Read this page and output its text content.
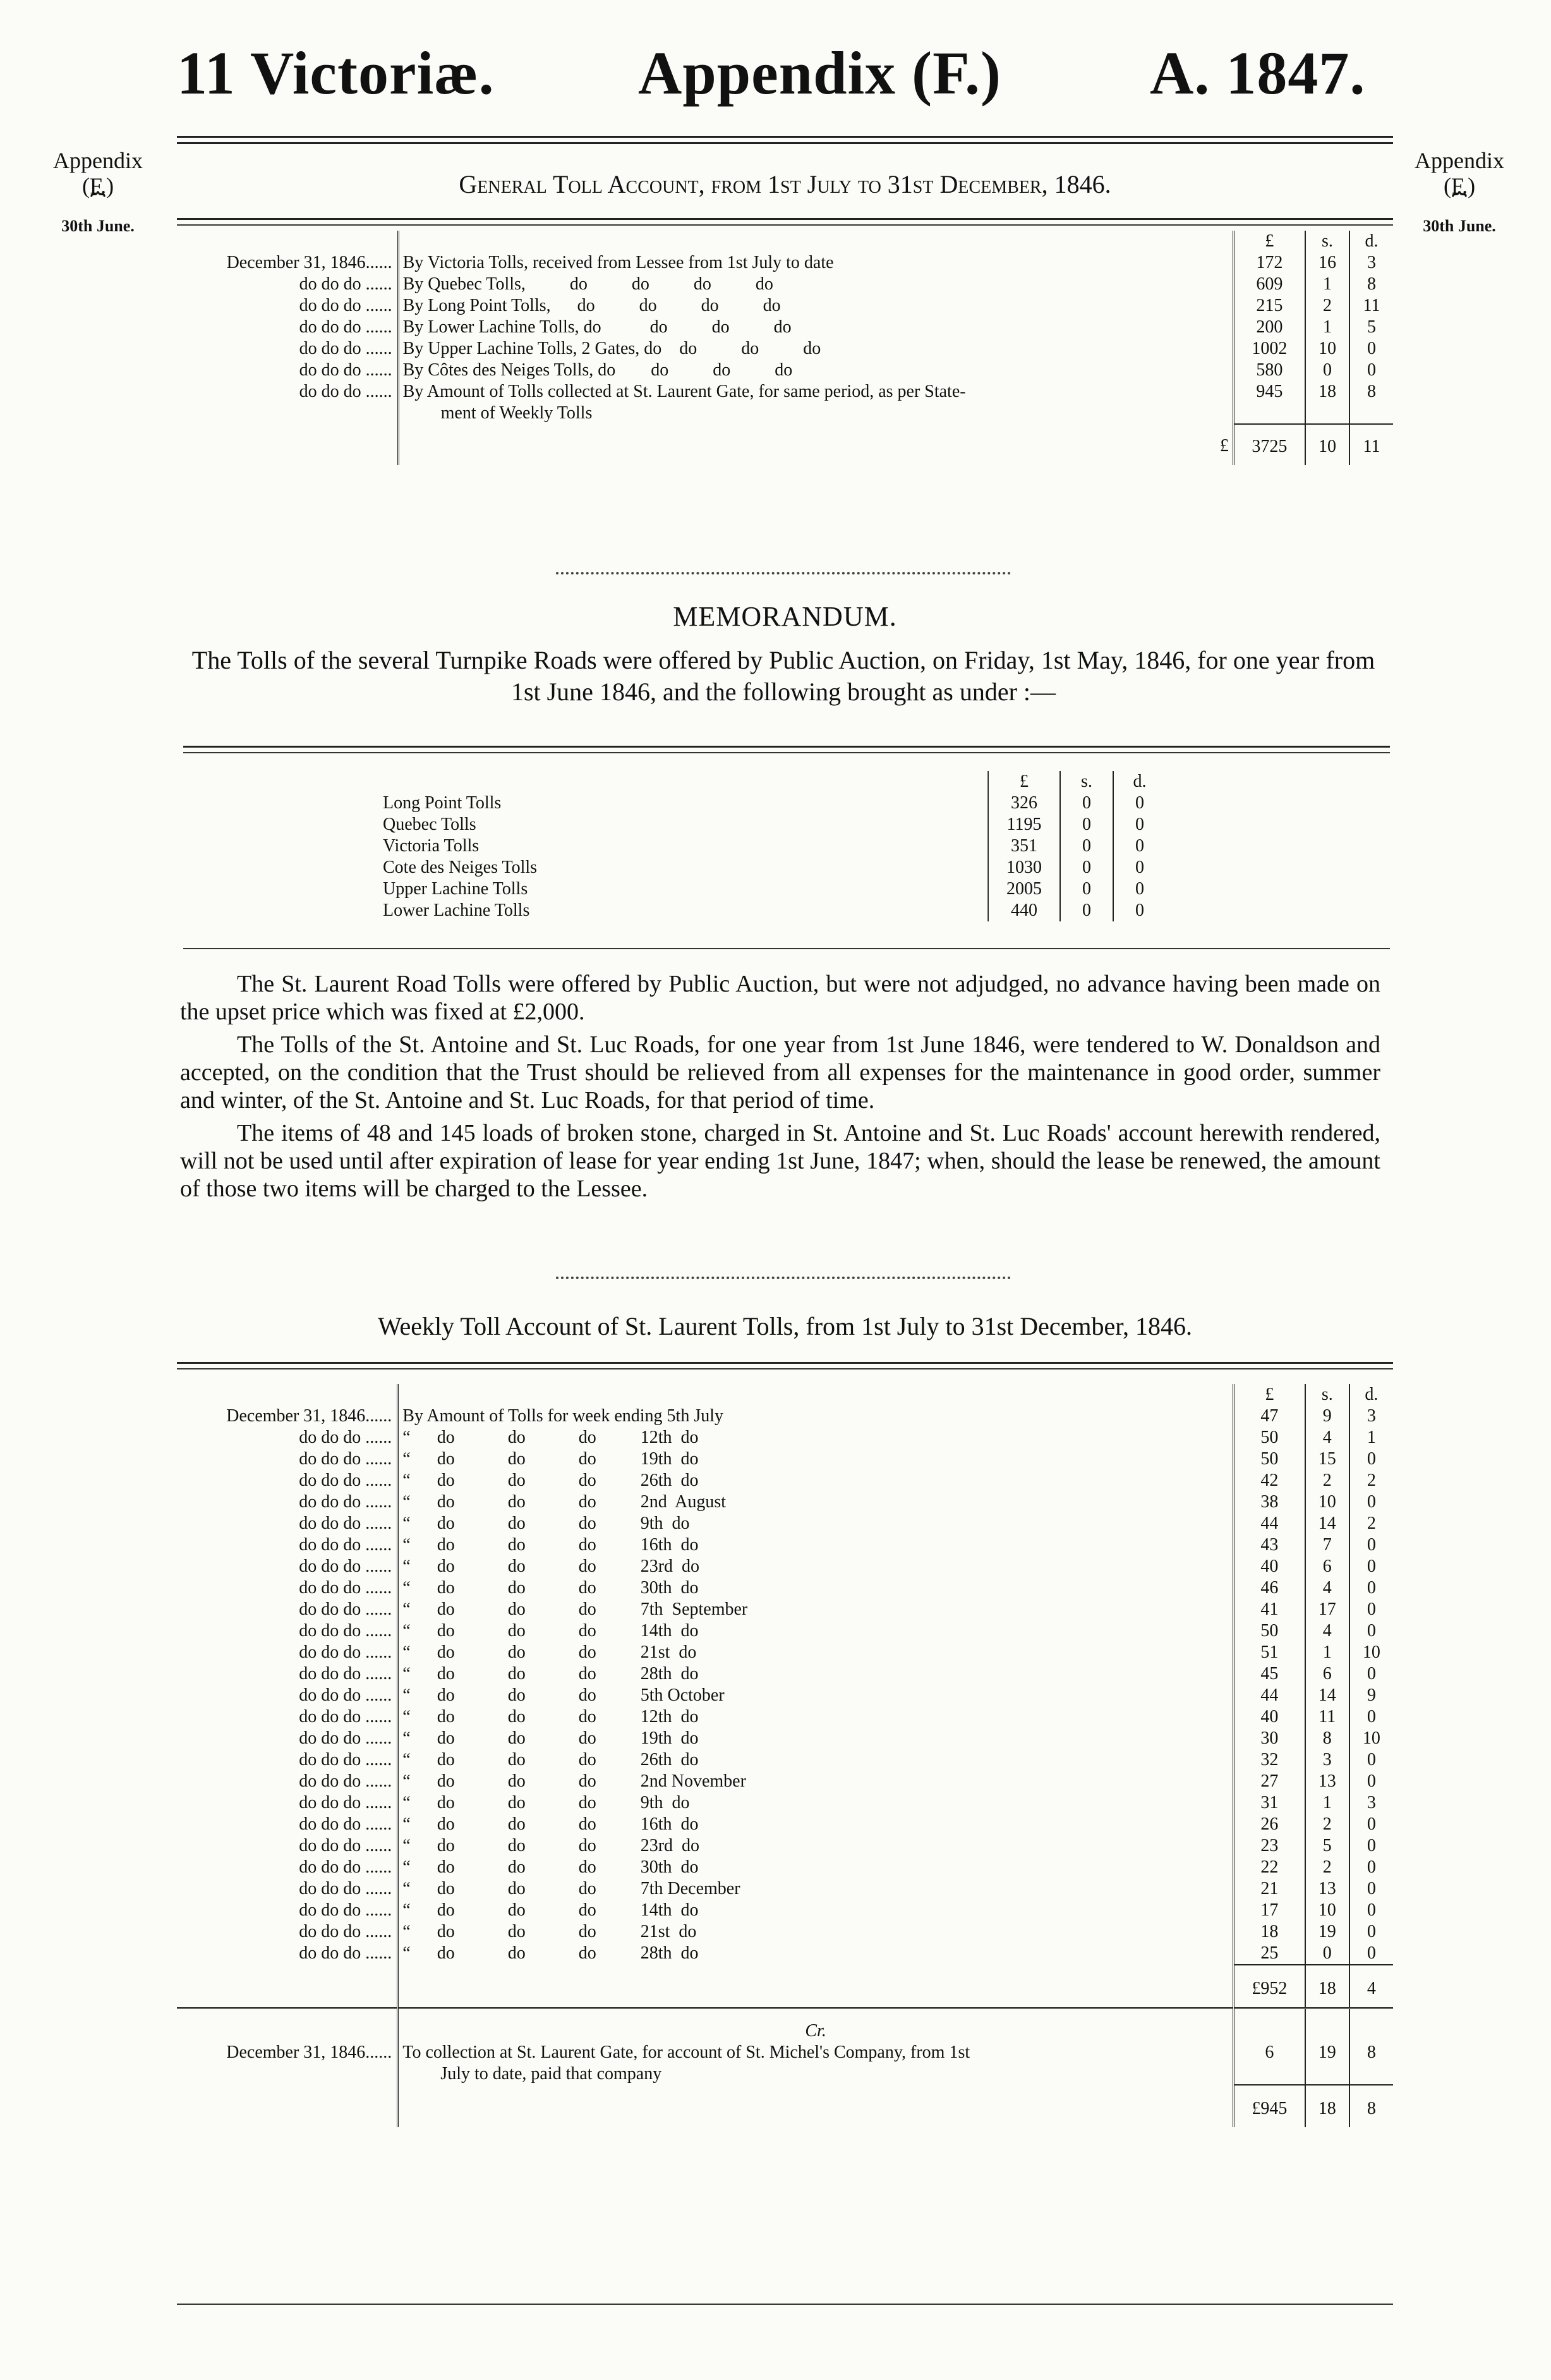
11 Victoriæ. Appendix (F.) A. 1847.
Appendix
(F.)
⏞
30th June.
Appendix
(F.)
⏞
30th June.
General Toll Account, from 1st July to 31st December, 1846.
		£	s.	d.
December 31, 1846......	By Victoria Tolls, received from Lessee from 1st July to date	172	16	3
do do do ......	By Quebec Tolls,          do          do          do          do	609	1	8
do do do ......	By Long Point Tolls,      do          do          do          do	215	2	11
do do do ......	By Lower Lachine Tolls, do           do          do          do	200	1	5
do do do ......	By Upper Lachine Tolls, 2 Gates, do    do          do          do	1002	10	0
do do do ......	By Côtes des Neiges Tolls, do        do          do          do	580	0	0
do do do ......	By Amount of Tolls collected at St. Laurent Gate, for same period, as per State-
ment of Weekly Tolls	945	18	8
	£	3725	10	11
MEMORANDUM.
The Tolls of the several Turnpike Roads were offered by Public Auction, on Friday, 1st May, 1846, for one year from 1st June 1846, and the following brought as under :—
	£	s.	d.
Long Point Tolls	326	0	0
Quebec Tolls	1195	0	0
Victoria Tolls	351	0	0
Cote des Neiges Tolls	1030	0	0
Upper Lachine Tolls	2005	0	0
Lower Lachine Tolls	440	0	0

The St. Laurent Road Tolls were offered by Public Auction, but were not adjudged, no advance having been made on the upset price which was fixed at £2,000.

The Tolls of the St. Antoine and St. Luc Roads, for one year from 1st June 1846, were tendered to W. Donaldson and accepted, on the condition that the Trust should be relieved from all expenses for the maintenance in good order, summer and winter, of the St. Antoine and St. Luc Roads, for that period of time.

The items of 48 and 145 loads of broken stone, charged in St. Antoine and St. Luc Roads' account herewith rendered, will not be used until after expiration of lease for year ending 1st June, 1847; when, should the lease be renewed, the amount of those two items will be charged to the Lessee.

Weekly Toll Account of St. Laurent Tolls, from 1st July to 31st December, 1846.
		£	s.	d.
December 31, 1846......	By Amount of Tolls for week ending 5th July	47	9	3
do do do ......	“      do            do            do          12th  do	50	4	1
do do do ......	“      do            do            do          19th  do	50	15	0
do do do ......	“      do            do            do          26th  do	42	2	2
do do do ......	“      do            do            do          2nd  August	38	10	0
do do do ......	“      do            do            do          9th  do	44	14	2
do do do ......	“      do            do            do          16th  do	43	7	0
do do do ......	“      do            do            do          23rd  do	40	6	0
do do do ......	“      do            do            do          30th  do	46	4	0
do do do ......	“      do            do            do          7th  September	41	17	0
do do do ......	“      do            do            do          14th  do	50	4	0
do do do ......	“      do            do            do          21st  do	51	1	10
do do do ......	“      do            do            do          28th  do	45	6	0
do do do ......	“      do            do            do          5th October	44	14	9
do do do ......	“      do            do            do          12th  do	40	11	0
do do do ......	“      do            do            do          19th  do	30	8	10
do do do ......	“      do            do            do          26th  do	32	3	0
do do do ......	“      do            do            do          2nd November	27	13	0
do do do ......	“      do            do            do          9th  do	31	1	3
do do do ......	“      do            do            do          16th  do	26	2	0
do do do ......	“      do            do            do          23rd  do	23	5	0
do do do ......	“      do            do            do          30th  do	22	2	0
do do do ......	“      do            do            do          7th December	21	13	0
do do do ......	“      do            do            do          14th  do	17	10	0
do do do ......	“      do            do            do          21st  do	18	19	0
do do do ......	“      do            do            do          28th  do	25	0	0
		£952	18	4
	Cr.			
December 31, 1846......	To collection at St. Laurent Gate, for account of St. Michel's Company, from 1st
July to date, paid that company	6	19	8
		£945	18	8
